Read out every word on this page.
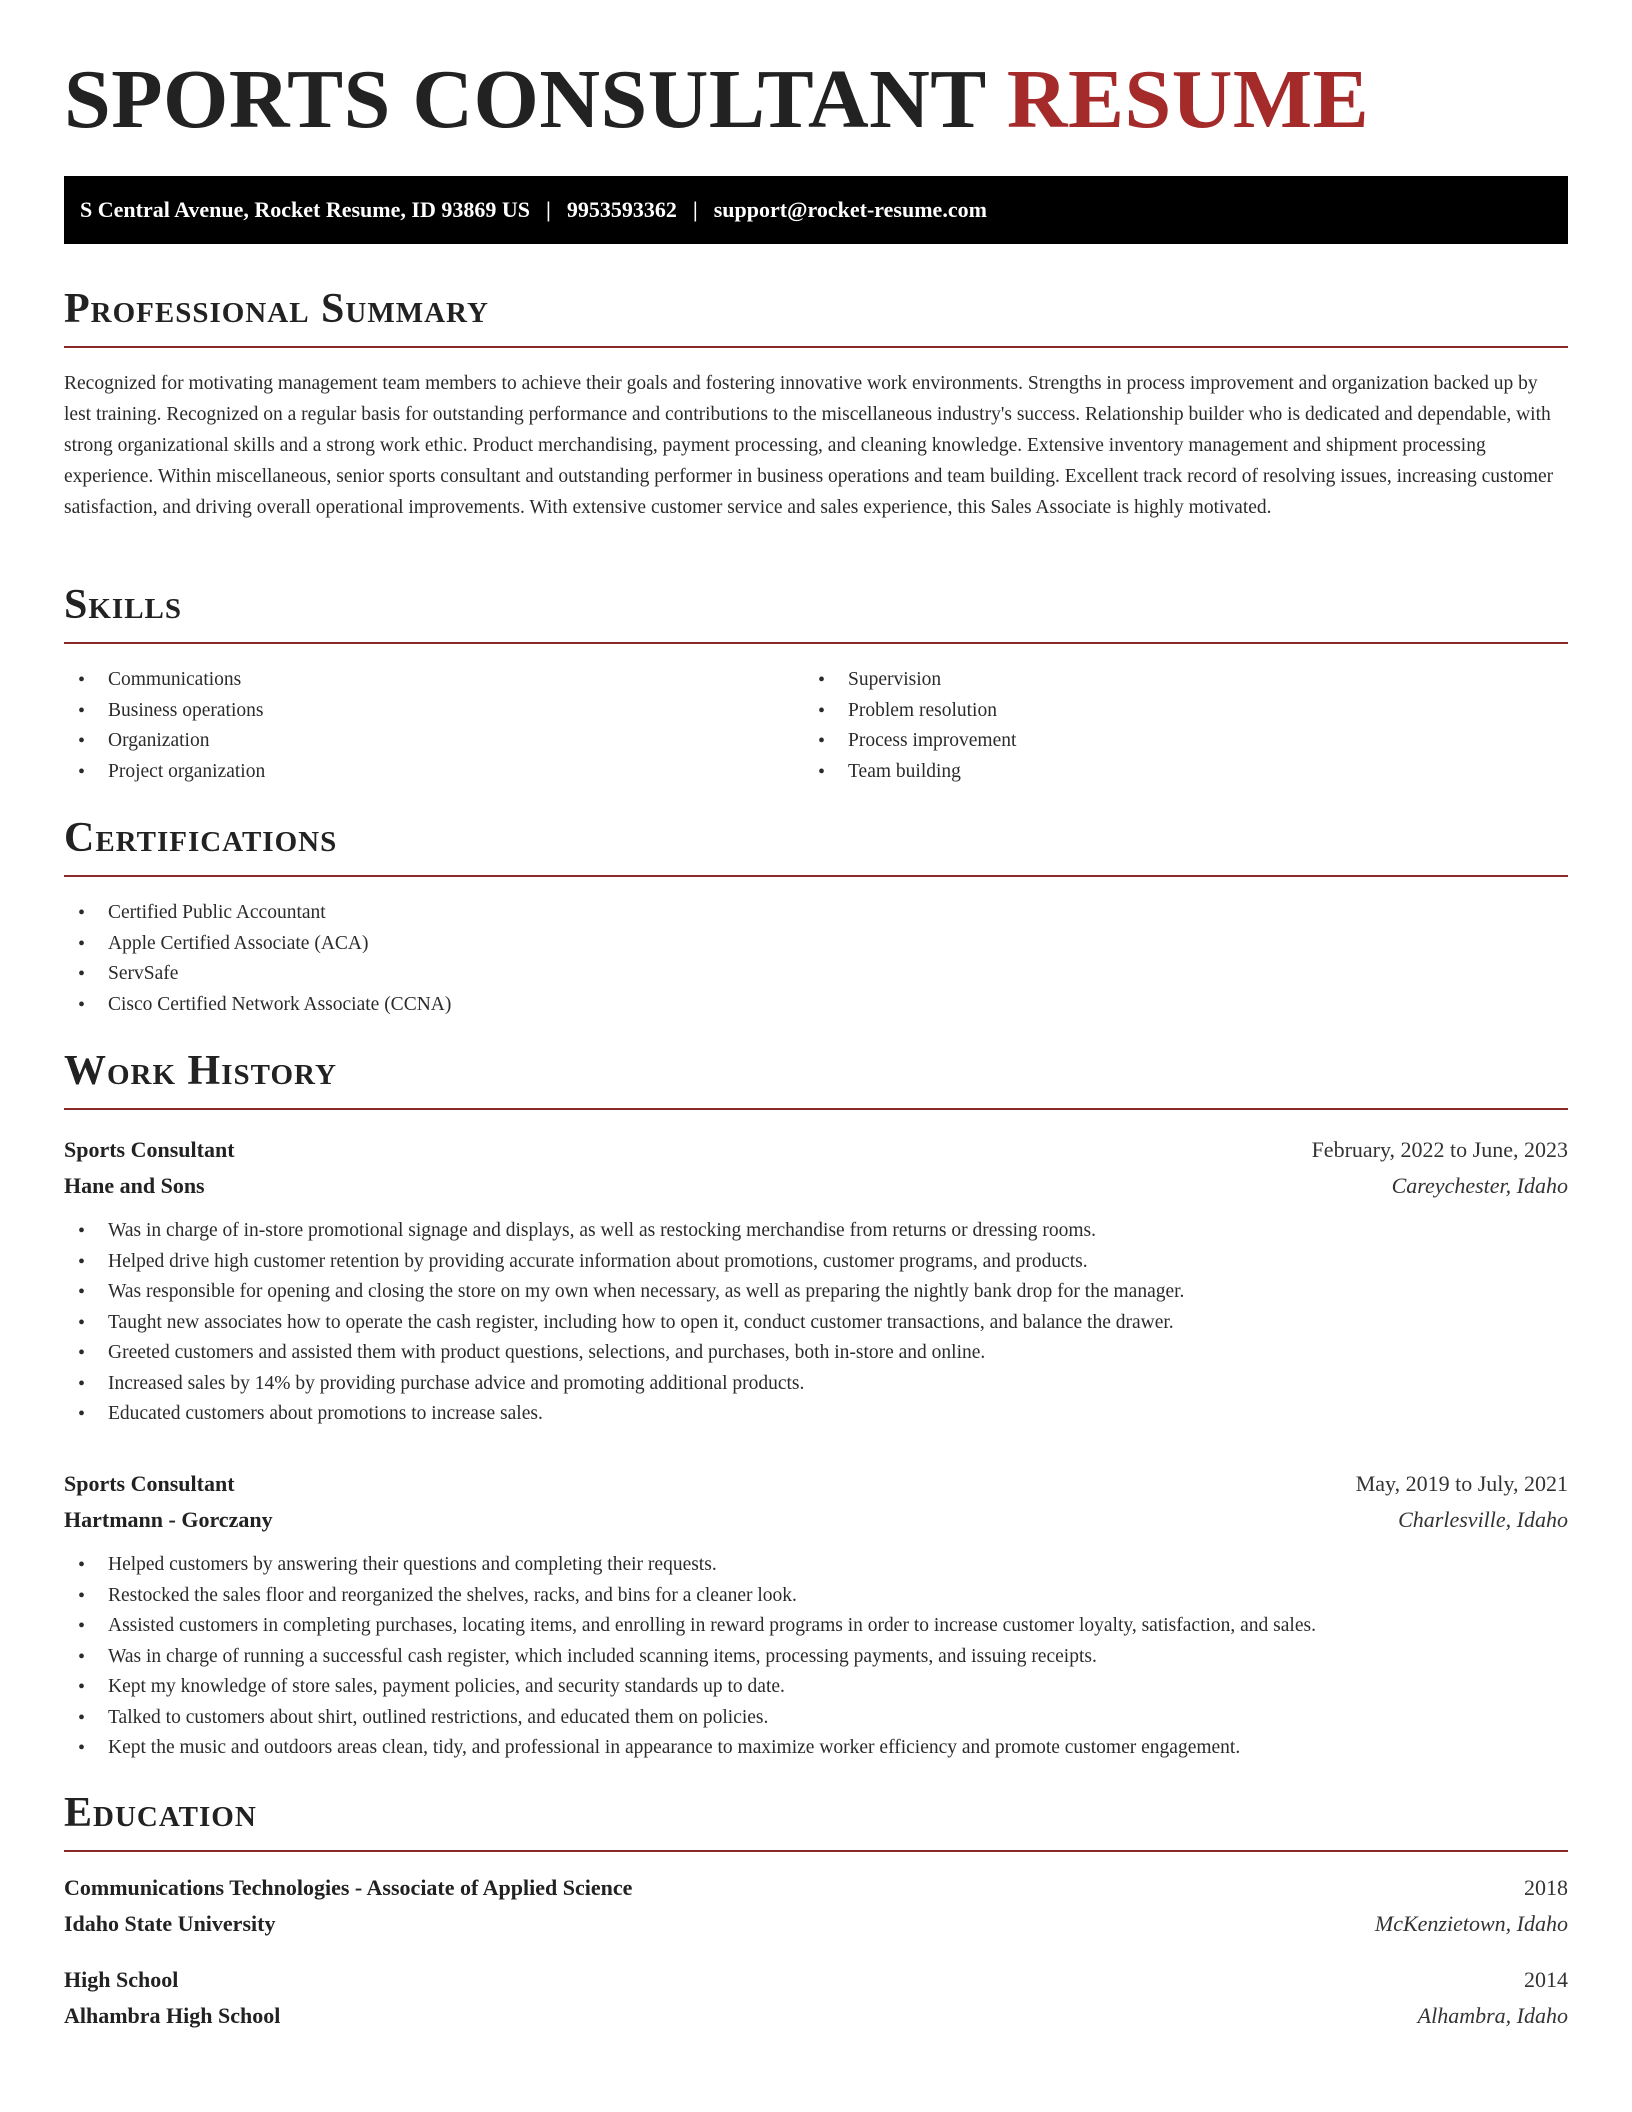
SPORTS CONSULTANT RESUME
S Central Avenue, Rocket Resume, ID 93869 US | 9953593362 | support@rocket-resume.com
Professional Summary

Recognized for motivating management team members to achieve their goals and fostering innovative work environments. Strengths in process improvement and organization backed up by lest training. Recognized on a regular basis for outstanding performance and contributions to the miscellaneous industry's success. Relationship builder who is dedicated and dependable, with strong organizational skills and a strong work ethic. Product merchandising, payment processing, and cleaning knowledge. Extensive inventory management and shipment processing experience. Within miscellaneous, senior sports consultant and outstanding performer in business operations and team building. Excellent track record of resolving issues, increasing customer satisfaction, and driving overall operational improvements. With extensive customer service and sales experience, this Sales Associate is highly motivated.

Skills
• Communications
• Business operations
• Organization
• Project organization
• Supervision
• Problem resolution
• Process improvement
• Team building
Certifications
• Certified Public Accountant
• Apple Certified Associate (ACA)
• ServSafe
• Cisco Certified Network Associate (CCNA)
Work History
Sports Consultant	February, 2022 to June, 2023
Hane and Sons	Careychester, Idaho
• Was in charge of in-store promotional signage and displays, as well as restocking merchandise from returns or dressing rooms.
• Helped drive high customer retention by providing accurate information about promotions, customer programs, and products.
• Was responsible for opening and closing the store on my own when necessary, as well as preparing the nightly bank drop for the manager.
• Taught new associates how to operate the cash register, including how to open it, conduct customer transactions, and balance the drawer.
• Greeted customers and assisted them with product questions, selections, and purchases, both in-store and online.
• Increased sales by 14% by providing purchase advice and promoting additional products.
• Educated customers about promotions to increase sales.
Sports Consultant	May, 2019 to July, 2021
Hartmann - Gorczany	Charlesville, Idaho
• Helped customers by answering their questions and completing their requests.
• Restocked the sales floor and reorganized the shelves, racks, and bins for a cleaner look.
• Assisted customers in completing purchases, locating items, and enrolling in reward programs in order to increase customer loyalty, satisfaction, and sales.
• Was in charge of running a successful cash register, which included scanning items, processing payments, and issuing receipts.
• Kept my knowledge of store sales, payment policies, and security standards up to date.
• Talked to customers about shirt, outlined restrictions, and educated them on policies.
• Kept the music and outdoors areas clean, tidy, and professional in appearance to maximize worker efficiency and promote customer engagement.
Education
Communications Technologies - Associate of Applied Science	2018
Idaho State University	McKenzietown, Idaho
High School	2014
Alhambra High School	Alhambra, Idaho
